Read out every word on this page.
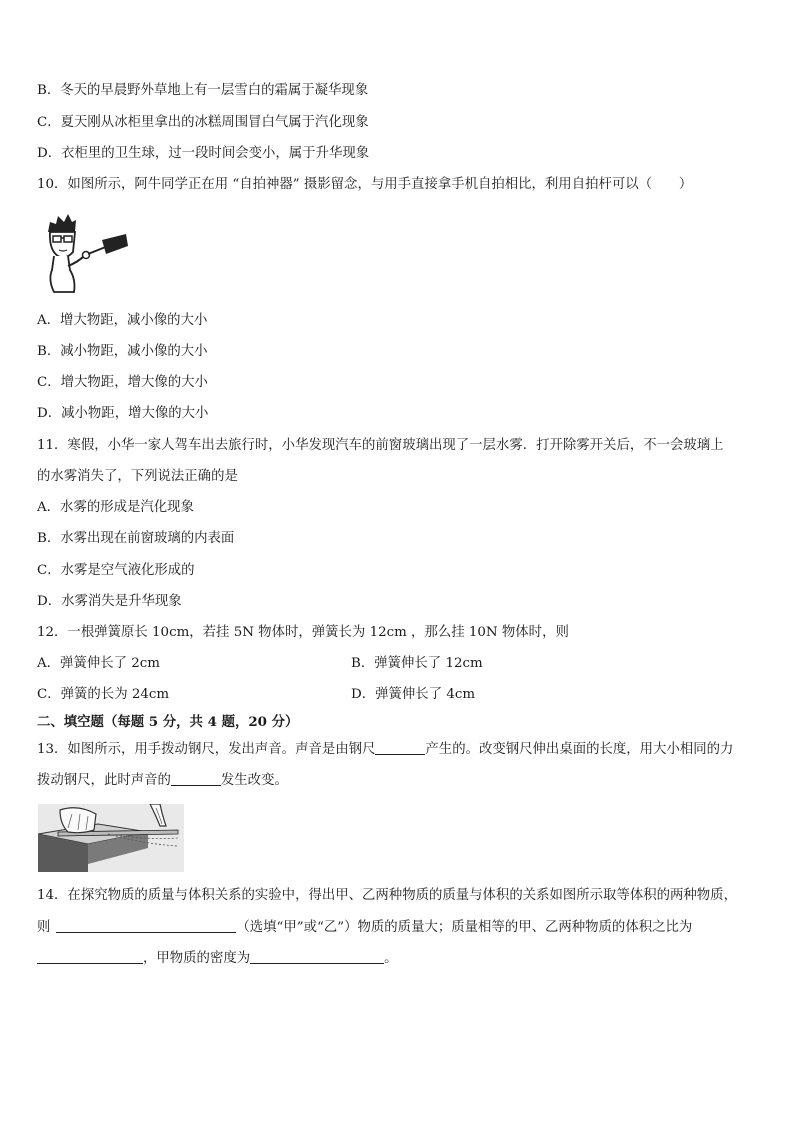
B．冬天的早晨野外草地上有一层雪白的霜属于凝华现象
C．夏天刚从冰柜里拿出的冰糕周围冒白气属于汽化现象
D．衣柜里的卫生球，过一段时间会变小，属于升华现象
10．如图所示，阿牛同学正在用 “自拍神器” 摄影留念，与用手直接拿手机自拍相比，利用自拍杆可以（　　）
A．增大物距，减小像的大小
B．减小物距，减小像的大小
C．增大物距，增大像的大小
D．减小物距，增大像的大小
11．寒假，小华一家人驾车出去旅行时，小华发现汽车的前窗玻璃出现了一层水雾．打开除雾开关后，不一会玻璃上
的水雾消失了，下列说法正确的是
A．水雾的形成是汽化现象
B．水雾出现在前窗玻璃的内表面
C．水雾是空气液化形成的
D．水雾消失是升华现象
12．一根弹簧原长 10cm，若挂 5N 物体时，弹簧长为 12cm ，那么挂 10N 物体时，则
A．弹簧伸长了 2cm	B．弹簧伸长了 12cm
C．弹簧的长为 24cm	D．弹簧伸长了 4cm
二、填空题（每题 5 分，共 4 题，20 分）
13．如图所示，用手拨动钢尺，发出声音。声音是由钢尺	产生的。改变钢尺伸出桌面的长度，用大小相同的力
拨动钢尺，此时声音的	发生改变。
14．在探究物质的质量与体积关系的实验中，得出甲、乙两种物质的质量与体积的关系如图所示取等体积的两种物质，
则	（选填“甲”或“乙”）物质的质量大；质量相等的甲、乙两种物质的体积之比为
，甲物质的密度为	。
